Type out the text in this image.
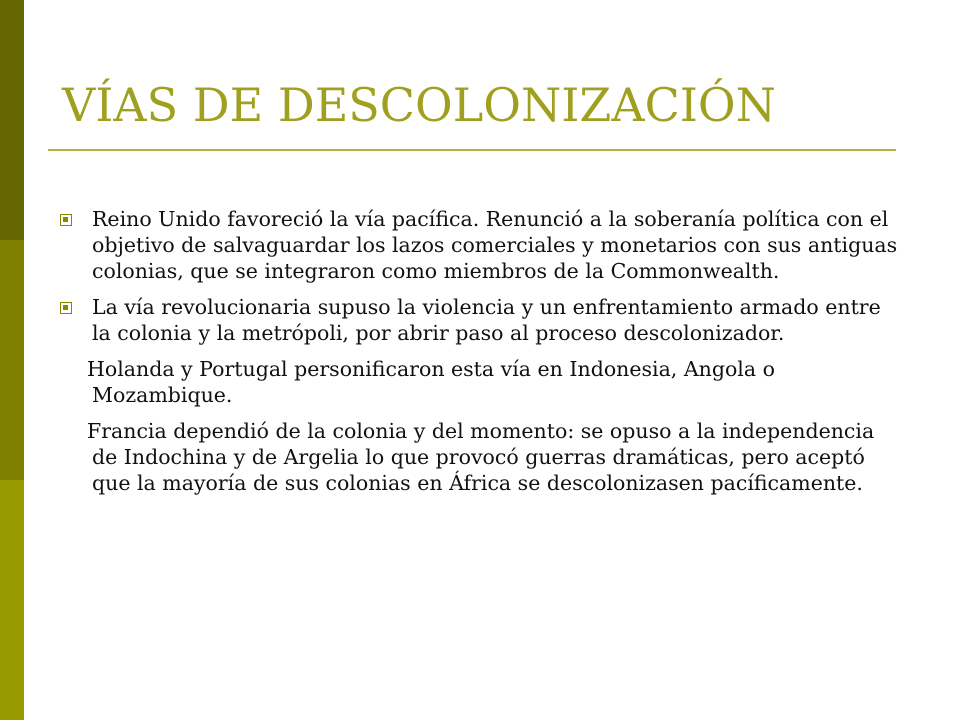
VÍAS DE DESCOLONIZACIÓN

Reino Unido favoreció la vía pacífica. Renunció a la soberanía política con el objetivo de salvaguardar los lazos comerciales y monetarios con sus antiguas colonias, que se integraron como miembros de la Commonwealth.

La vía revolucionaria supuso la violencia y un enfrentamiento armado entre la colonia y la metrópoli, por abrir paso al proceso descolonizador.

Holanda y Portugal personificaron esta vía en Indonesia, Angola o Mozambique.

Francia dependió de la colonia y del momento: se opuso a la independencia de Indochina y de Argelia lo que provocó guerras dramáticas, pero aceptó que la mayoría de sus colonias en África se descolonizasen pacíficamente.
